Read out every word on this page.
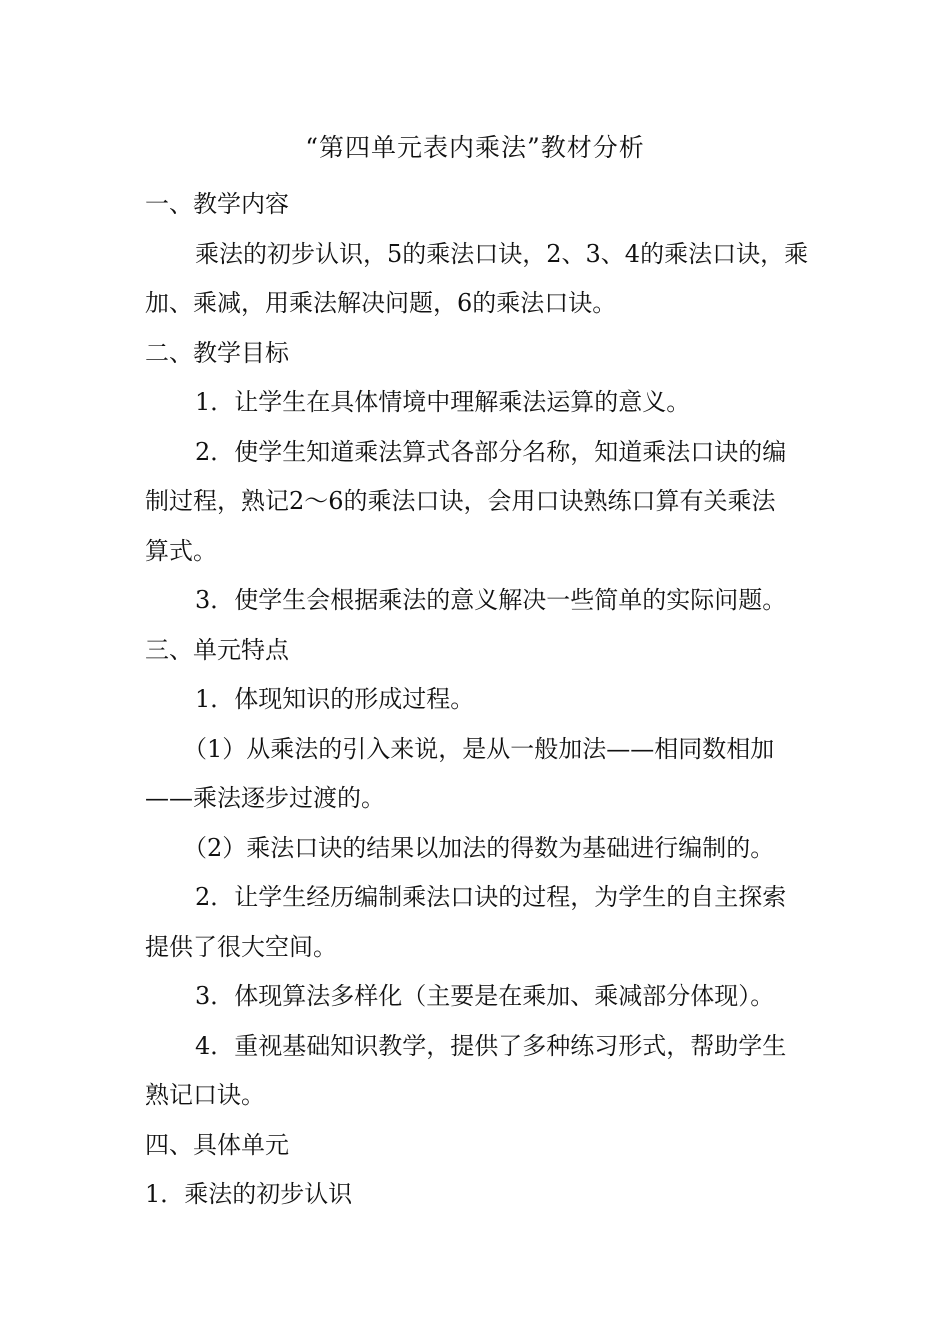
“第四单元表内乘法”教材分析
一、教学内容
乘法的初步认识，5的乘法口诀，2、3、4的乘法口诀，乘
加、乘减，用乘法解决问题，6的乘法口诀。
二、教学目标
1．让学生在具体情境中理解乘法运算的意义。
2．使学生知道乘法算式各部分名称，知道乘法口诀的编
制过程，熟记2～6的乘法口诀，会用口诀熟练口算有关乘法
算式。
3．使学生会根据乘法的意义解决一些简单的实际问题。
三、单元特点
1．体现知识的形成过程。
（1）从乘法的引入来说，是从一般加法——相同数相加
——乘法逐步过渡的。
（2）乘法口诀的结果以加法的得数为基础进行编制的。
2．让学生经历编制乘法口诀的过程，为学生的自主探索
提供了很大空间。
3．体现算法多样化（主要是在乘加、乘减部分体现）。
4．重视基础知识教学，提供了多种练习形式，帮助学生
熟记口诀。
四、具体单元
1．乘法的初步认识
